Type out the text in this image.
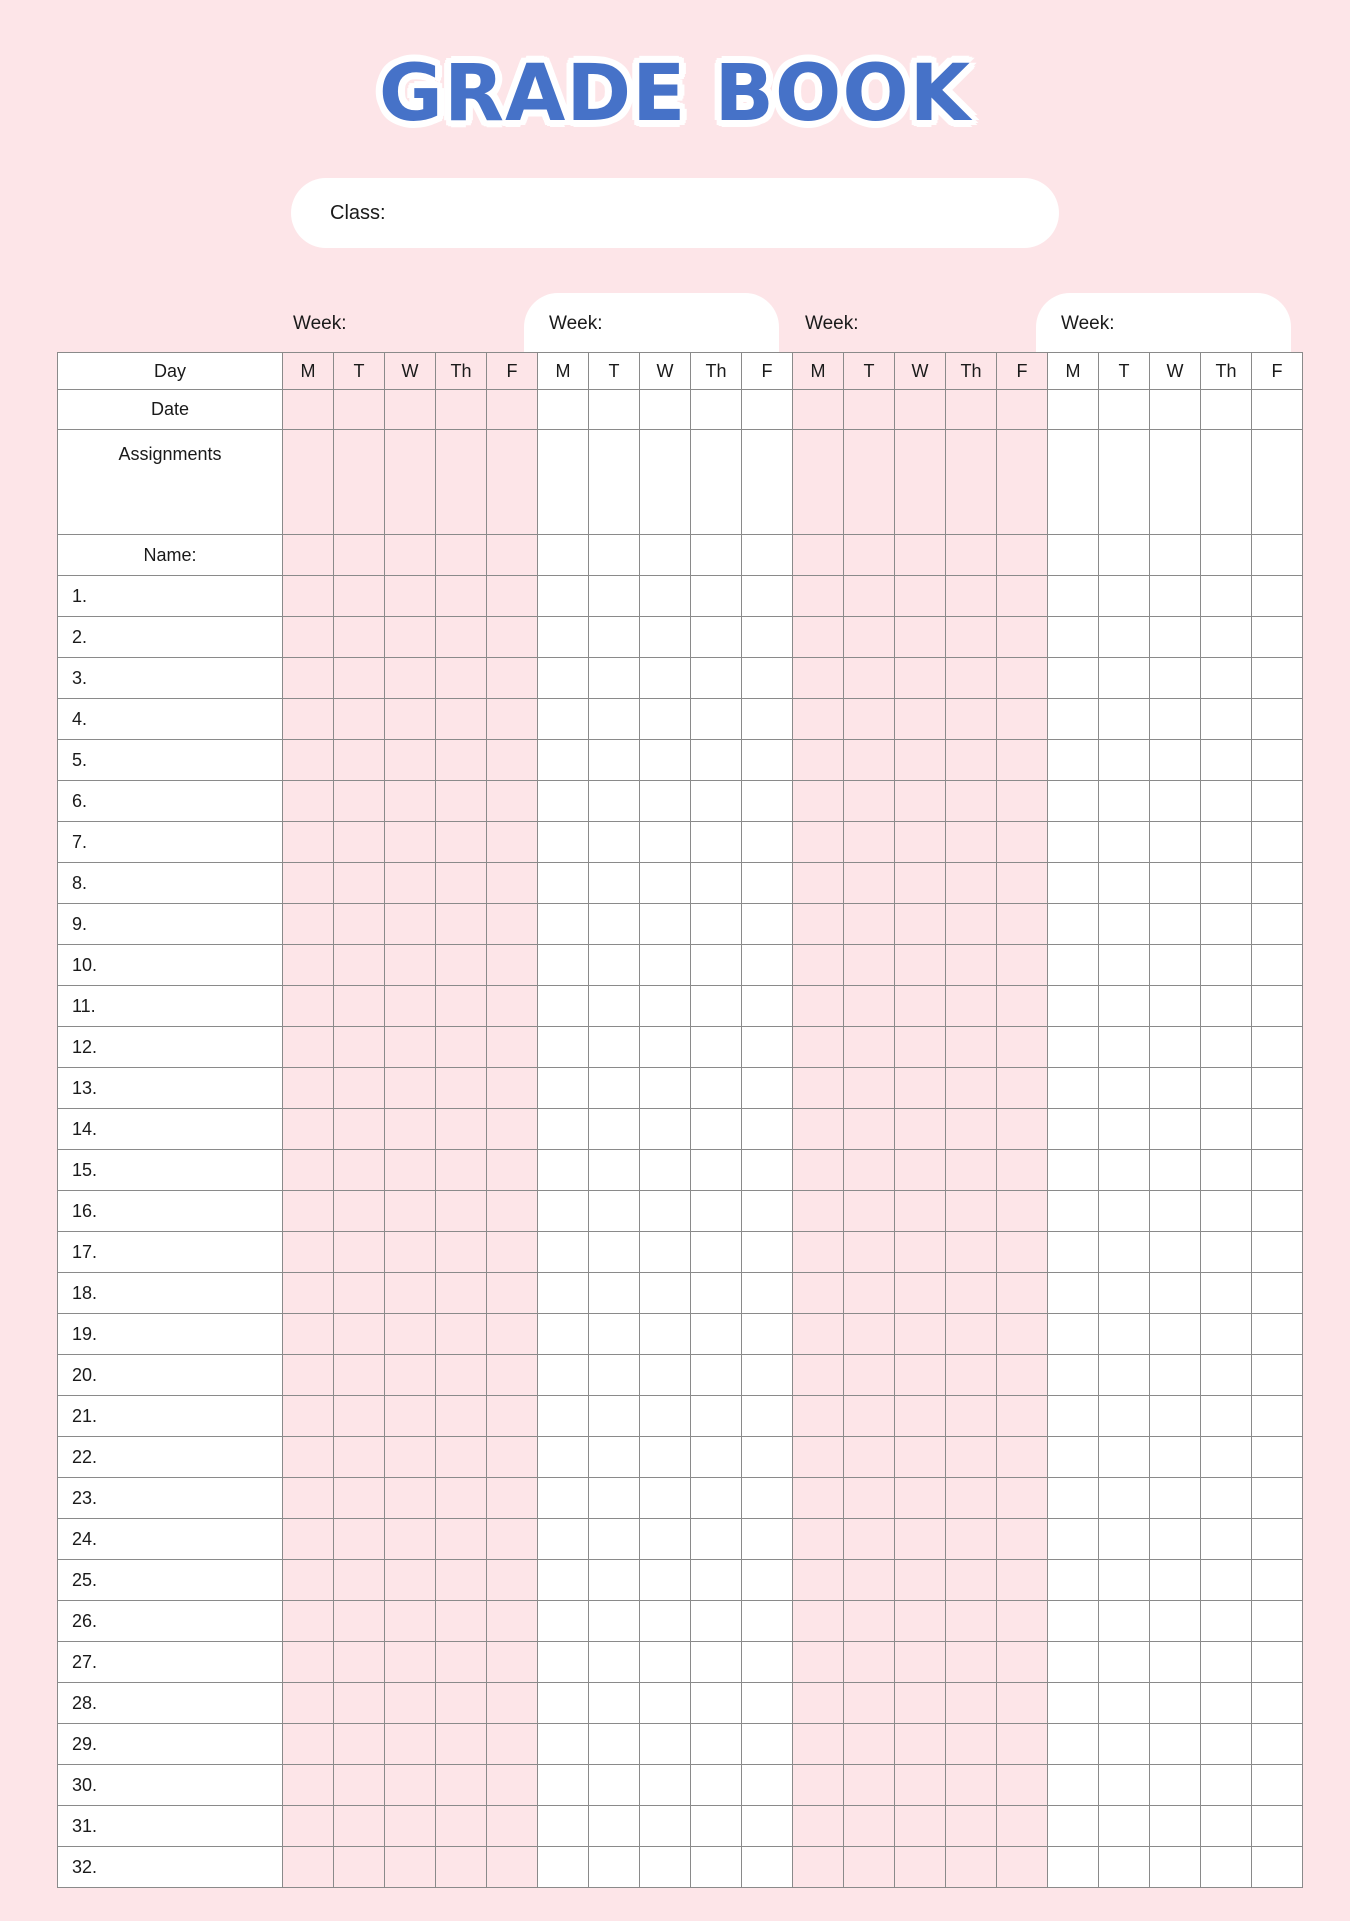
GRADE BOOK
Class:
Week:	Week:	Week:	Week:
Day	M	T	W	Th	F	M	T	W	Th	F	M	T	W	Th	F	M	T	W	Th	F
Date																				
Assignments																				
Name:																				
1.																				
2.																				
3.																				
4.																				
5.																				
6.																				
7.																				
8.																				
9.																				
10.																				
11.																				
12.																				
13.																				
14.																				
15.																				
16.																				
17.																				
18.																				
19.																				
20.																				
21.																				
22.																				
23.																				
24.																				
25.																				
26.																				
27.																				
28.																				
29.																				
30.																				
31.																				
32.																				
